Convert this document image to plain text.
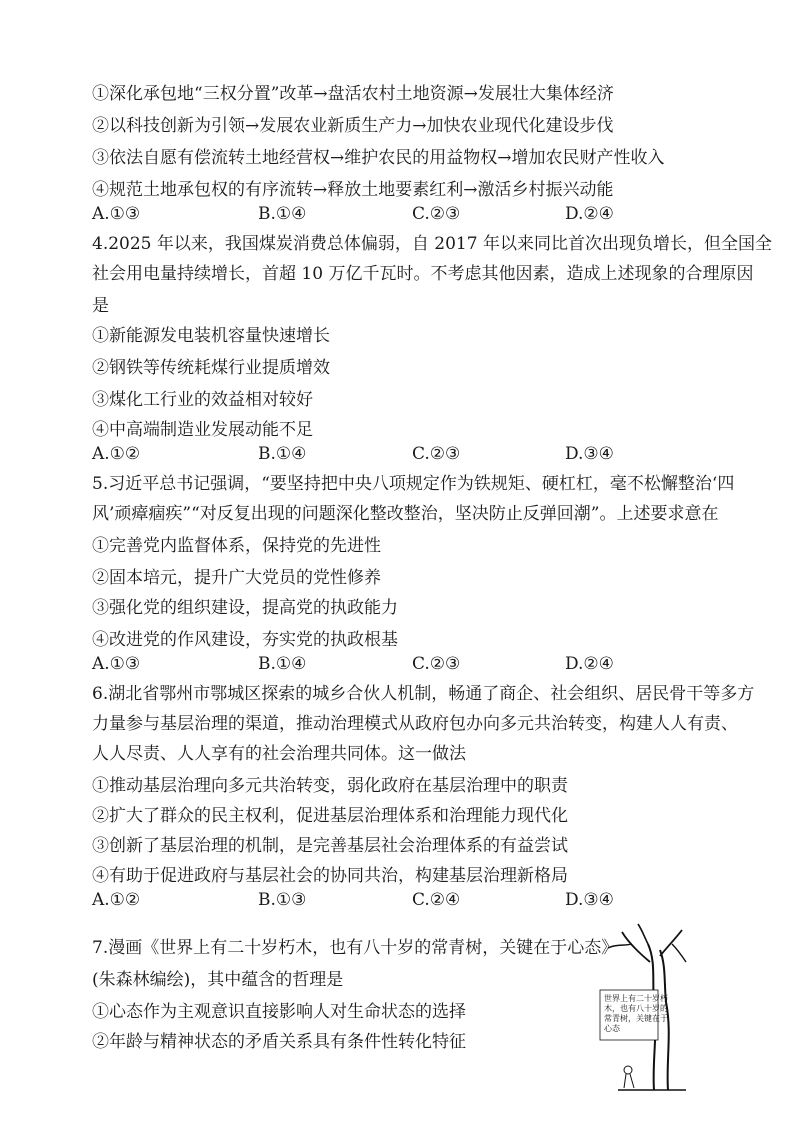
①深化承包地“三权分置”改革→盘活农村土地资源→发展壮大集体经济
②以科技创新为引领→发展农业新质生产力→加快农业现代化建设步伐
③依法自愿有偿流转土地经营权→维护农民的用益物权→增加农民财产性收入
④规范土地承包权的有序流转→释放土地要素红利→激活乡村振兴动能
A.①③	B.①④	C.②③	D.②④
4.2025 年以来，我国煤炭消费总体偏弱，自 2017 年以来同比首次出现负增长，但全国全
社会用电量持续增长，首超 10 万亿千瓦时。不考虑其他因素，造成上述现象的合理原因
是
①新能源发电装机容量快速增长
②钢铁等传统耗煤行业提质增效
③煤化工行业的效益相对较好
④中高端制造业发展动能不足
A.①②	B.①④	C.②③	D.③④
5.习近平总书记强调，“要坚持把中央八项规定作为铁规矩、硬杠杠，毫不松懈整治‘四
风’顽瘴痼疾”“对反复出现的问题深化整改整治，坚决防止反弹回潮”。上述要求意在
①完善党内监督体系，保持党的先进性
②固本培元，提升广大党员的党性修养
③强化党的组织建设，提高党的执政能力
④改进党的作风建设，夯实党的执政根基
A.①③	B.①④	C.②③	D.②④
6.湖北省鄂州市鄂城区探索的城乡合伙人机制，畅通了商企、社会组织、居民骨干等多方
力量参与基层治理的渠道，推动治理模式从政府包办向多元共治转变，构建人人有责、
人人尽责、人人享有的社会治理共同体。这一做法
①推动基层治理向多元共治转变，弱化政府在基层治理中的职责
②扩大了群众的民主权利，促进基层治理体系和治理能力现代化
③创新了基层治理的机制，是完善基层社会治理体系的有益尝试
④有助于促进政府与基层社会的协同共治，构建基层治理新格局
A.①②	B.①③	C.②④	D.③④
7.漫画《世界上有二十岁朽木，也有八十岁的常青树，关键在于心态》
(朱森林编绘)，其中蕴含的哲理是
①心态作为主观意识直接影响人对生命状态的选择
②年龄与精神状态的矛盾关系具有条件性转化特征
世界上有二十岁朽木，也有八十岁的常青树，关键在于心态
